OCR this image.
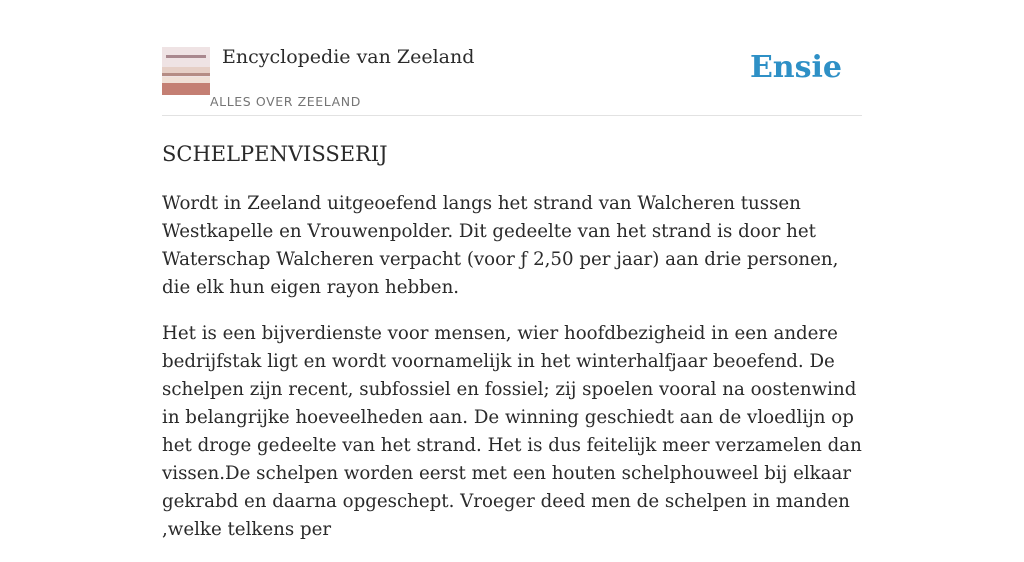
Encyclopedie van Zeeland
ALLES OVER ZEELAND
Ensie
SCHELPENVISSERIJ

Wordt in Zeeland uitgeoefend langs het strand van Walcheren tussen Westkapelle en Vrouwenpolder. Dit gedeelte van het strand is door het Waterschap Walcheren verpacht (voor ƒ 2,50 per jaar) aan drie personen, die elk hun eigen rayon hebben.

Het is een bijverdienste voor mensen, wier hoofdbezigheid in een andere bedrijfstak ligt en wordt voornamelijk in het winterhalfjaar beoefend. De schelpen zijn recent, subfossiel en fossiel; zij spoelen vooral na oostenwind in belangrijke hoeveelheden aan. De winning geschiedt aan de vloedlijn op het droge gedeelte van het strand. Het is dus feitelijk meer verzamelen dan vissen.De schelpen worden eerst met een houten schelphouweel bij elkaar gekrabd en daarna opgeschept. Vroeger deed men de schelpen in manden ,welke telkens per
